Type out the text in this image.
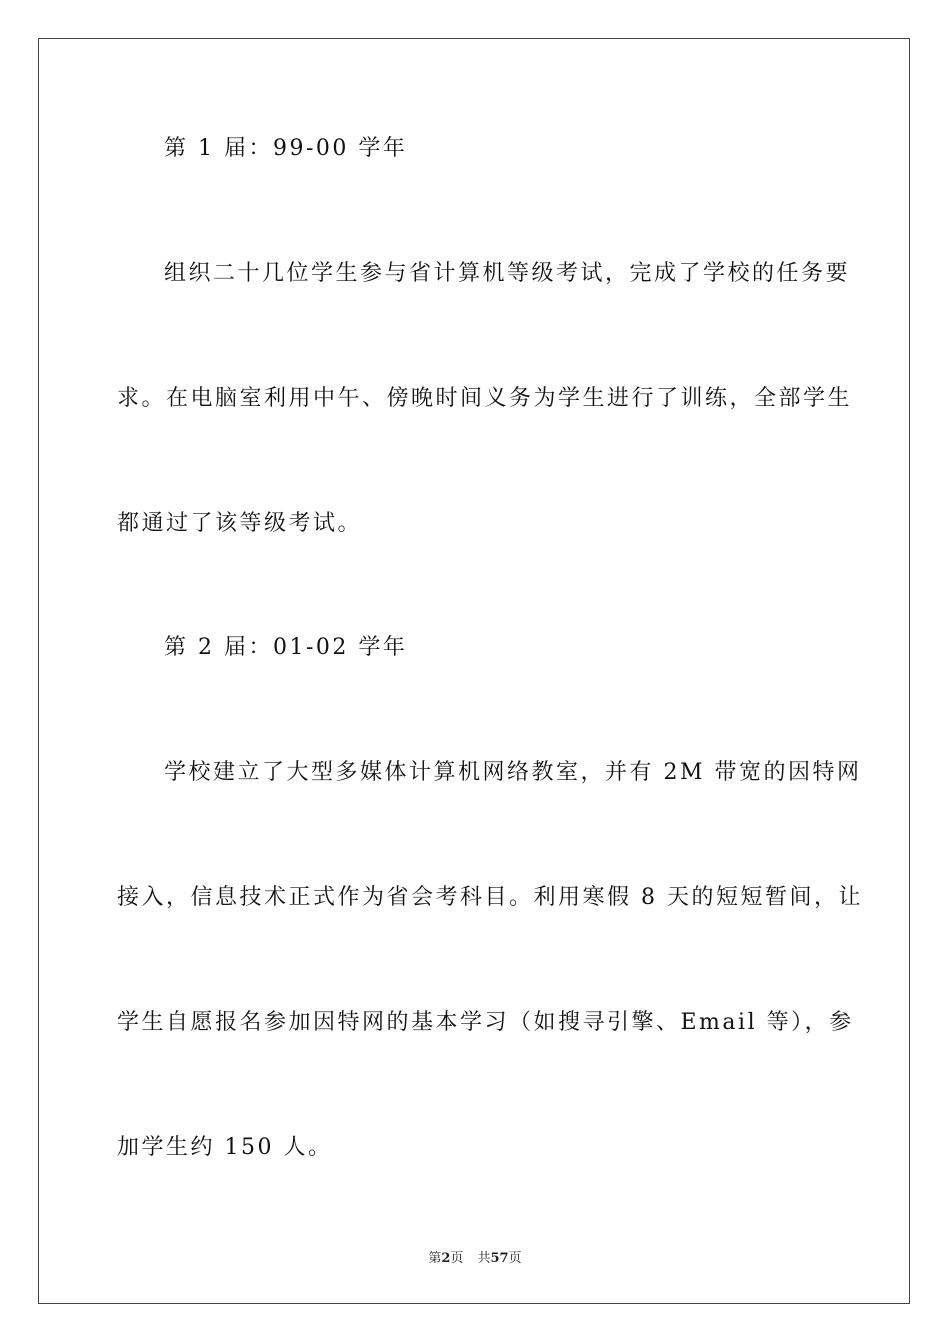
第 1 届：99-00 学年

组织二十几位学生参与省计算机等级考试，完成了学校的任务要

求。在电脑室利用中午、傍晚时间义务为学生进行了训练，全部学生

都通过了该等级考试。

第 2 届：01-02 学年

学校建立了大型多媒体计算机网络教室，并有 2M 带宽的因特网

接入，信息技术正式作为省会考科目。利用寒假 8 天的短短暂间，让

学生自愿报名参加因特网的基本学习（如搜寻引擎、Email 等），参

加学生约 150 人。

第2页 共57页
